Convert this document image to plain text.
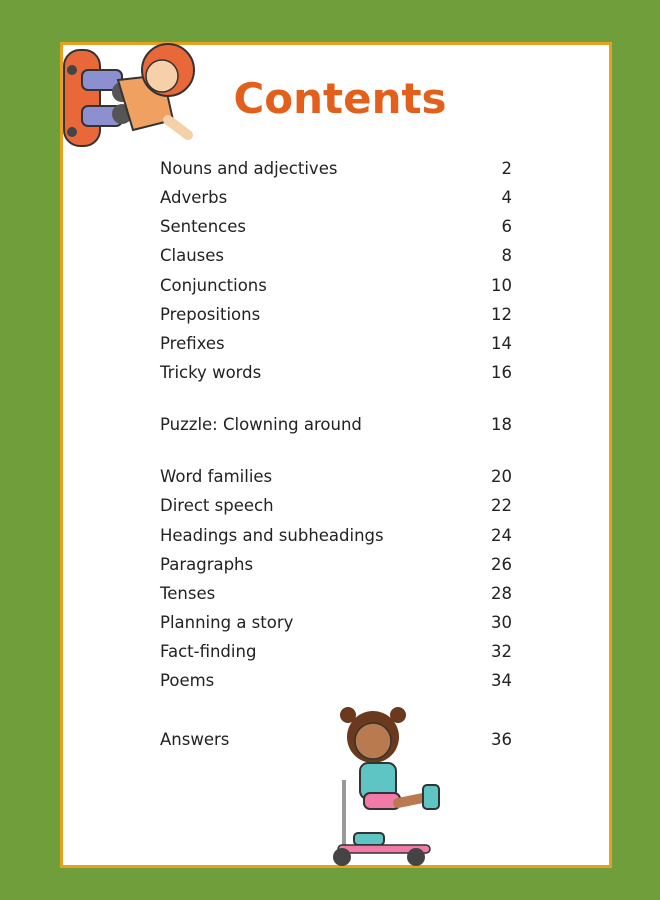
Contents
Nouns and adjectives	2
Adverbs	4
Sentences	6
Clauses	8
Conjunctions	10
Prepositions	12
Prefixes	14
Tricky words	16
Puzzle: Clowning around	18
Word families	20
Direct speech	22
Headings and subheadings	24
Paragraphs	26
Tenses	28
Planning a story	30
Fact-finding	32
Poems	34
Answers	36
